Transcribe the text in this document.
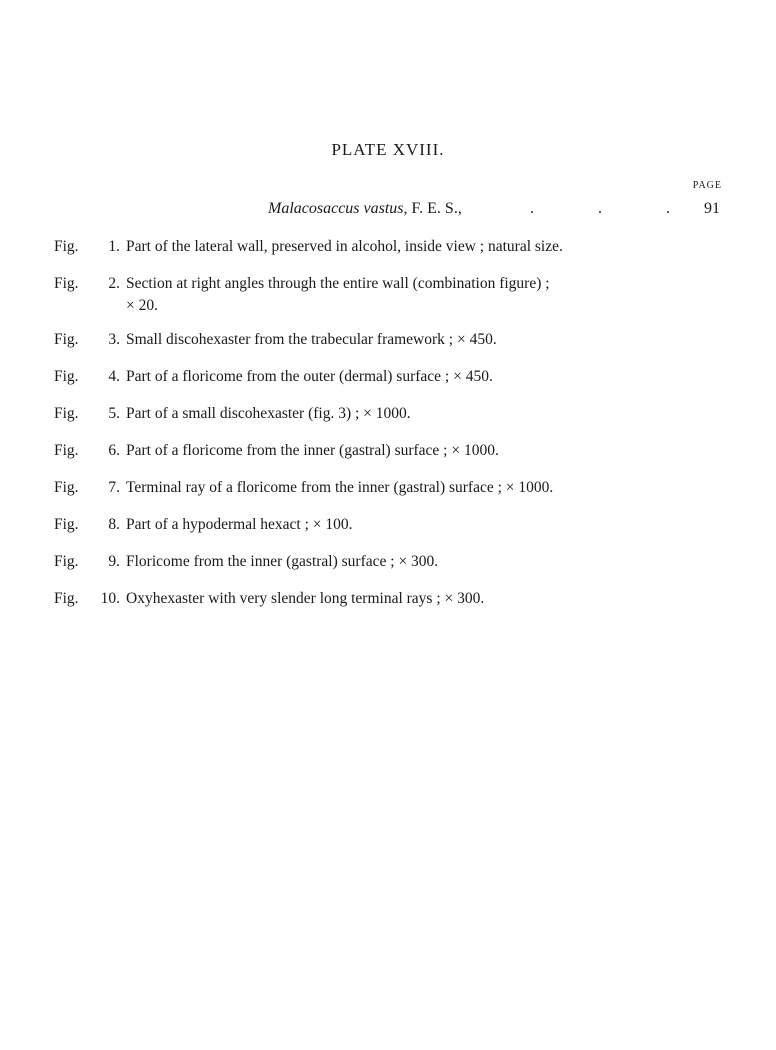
PLATE XVIII.
PAGE
Malacosaccus vastus, F. E. S.,	.	.	. 91
Fig.	1. Part of the lateral wall, preserved in alcohol, inside view ; natural size.
Fig.	2. Section at right angles through the entire wall (combination figure) ;
× 20.
Fig.	3. Small discohexaster from the trabecular framework ; × 450.
Fig.	4. Part of a floricome from the outer (dermal) surface ; × 450.
Fig.	5. Part of a small discohexaster (fig. 3) ; × 1000.
Fig.	6. Part of a floricome from the inner (gastral) surface ; × 1000.
Fig.	7. Terminal ray of a floricome from the inner (gastral) surface ; × 1000.
Fig.	8. Part of a hypodermal hexact ; × 100.
Fig.	9. Floricome from the inner (gastral) surface ; × 300.
Fig.	10. Oxyhexaster with very slender long terminal rays ; × 300.
